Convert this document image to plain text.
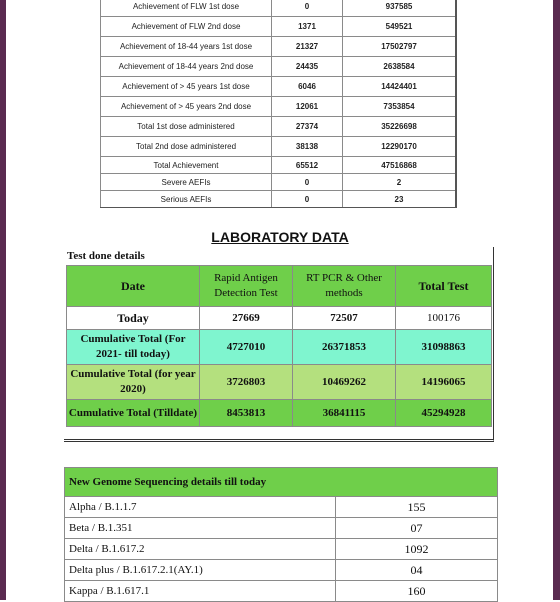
Achievement of FLW 1st dose	0	937585
Achievement of FLW 2nd dose	1371	549521
Achievement of 18-44 years 1st dose	21327	17502797
Achievement of 18-44 years 2nd dose	24435	2638584
Achievement of > 45 years 1st dose	6046	14424401
Achievement of > 45 years 2nd dose	12061	7353854
Total 1st dose administered	27374	35226698
Total 2nd dose administered	38138	12290170
Total Achievement	65512	47516868
Severe AEFIs	0	2
Serious AEFIs	0	23
LABORATORY DATA
Test done details
Date	Rapid Antigen Detection Test	RT PCR & Other methods	Total Test
Today	27669	72507	100176
Cumulative Total (For 2021- till today)	4727010	26371853	31098863
Cumulative Total (for year 2020)	3726803	10469262	14196065
Cumulative Total (Tilldate)	8453813	36841115	45294928
New Genome Sequencing details till today	
Alpha / B.1.1.7	155
Beta / B.1.351	07
Delta / B.1.617.2	1092
Delta plus / B.1.617.2.1(AY.1)	04
Kappa / B.1.617.1	160
